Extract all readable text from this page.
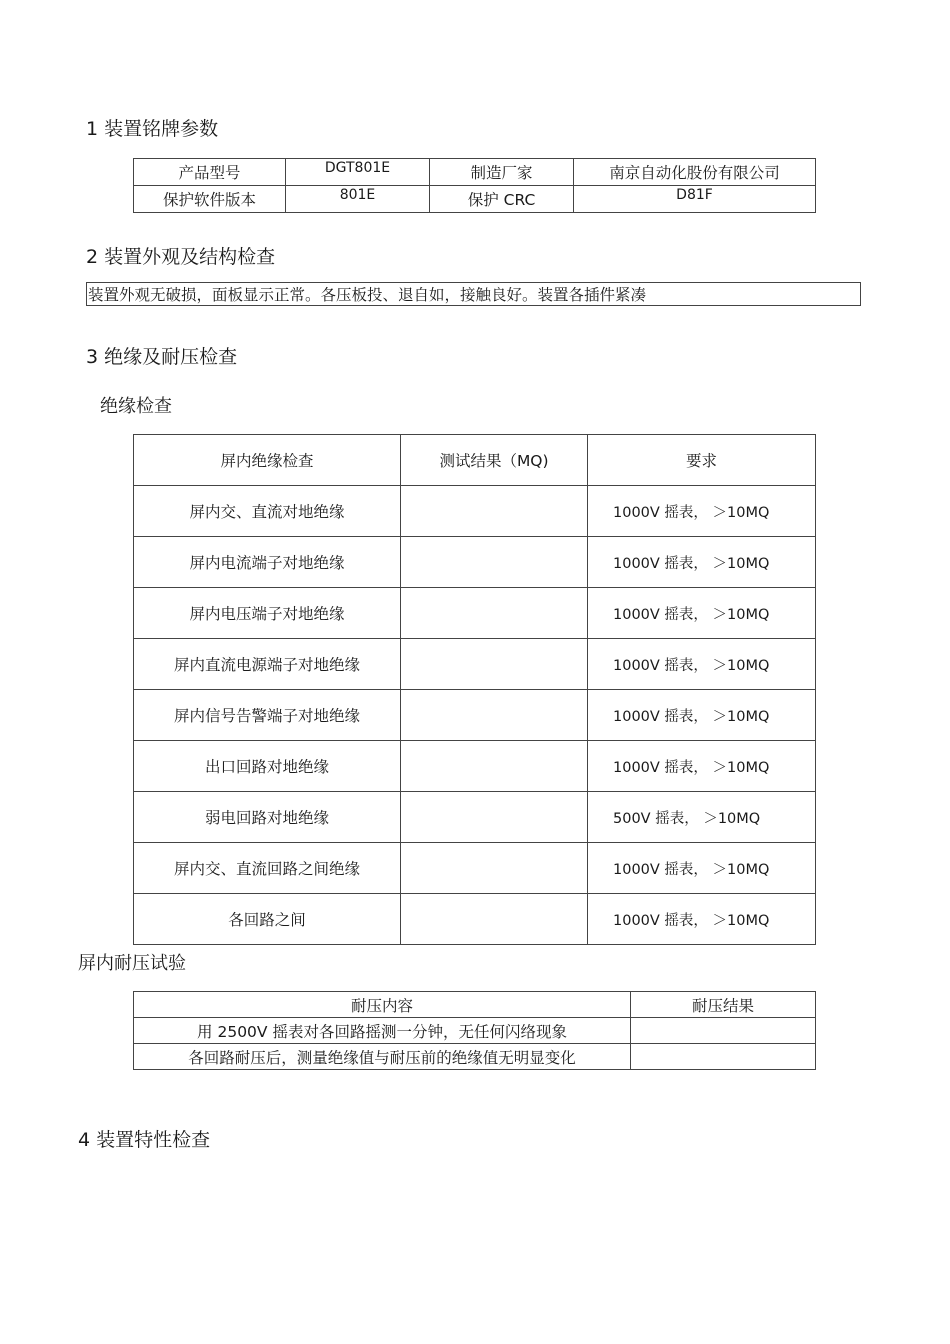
1 装置铭牌参数
产品型号	DGT801E	制造厂家	南京自动化股份有限公司
保护软件版本	801E	保护 CRC	D81F
2 装置外观及结构检查
装置外观无破损，面板显示正常。各压板投、退自如，接触良好。装置各插件紧凑
3 绝缘及耐压检查
绝缘检查
屏内绝缘检查	测试结果（MQ)	要求
屏内交、直流对地绝缘		1000V 摇表， ＞10MQ
屏内电流端子对地绝缘		1000V 摇表， ＞10MQ
屏内电压端子对地绝缘		1000V 摇表， ＞10MQ
屏内直流电源端子对地绝缘		1000V 摇表， ＞10MQ
屏内信号告警端子对地绝缘		1000V 摇表， ＞10MQ
出口回路对地绝缘		1000V 摇表， ＞10MQ
弱电回路对地绝缘		500V 摇表， ＞10MQ
屏内交、直流回路之间绝缘		1000V 摇表， ＞10MQ
各回路之间		1000V 摇表， ＞10MQ
屏内耐压试验
耐压内容	耐压结果
用 2500V 摇表对各回路摇测一分钟，无任何闪络现象	
各回路耐压后，测量绝缘值与耐压前的绝缘值无明显变化	
4 装置特性检查
